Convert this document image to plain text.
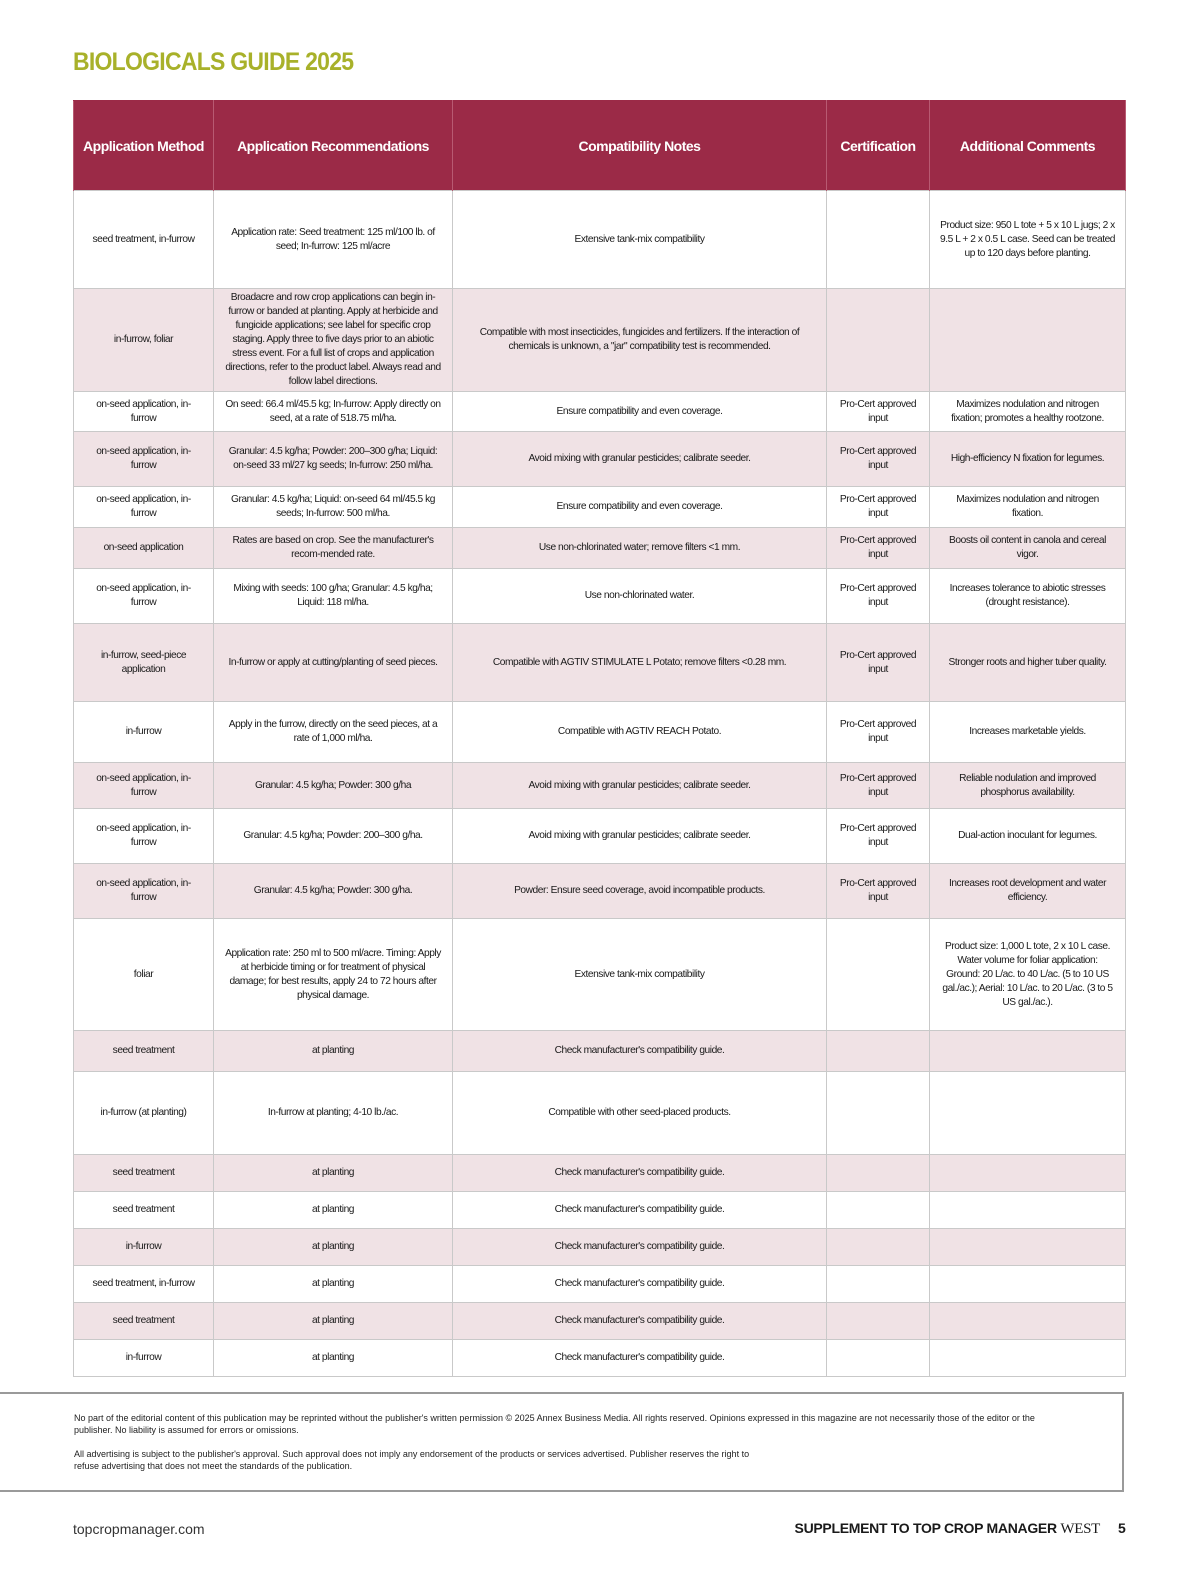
BIOLOGICALS GUIDE 2025
Application Method	Application Recommendations	Compatibility Notes	Certification	Additional Comments
seed treatment, in-furrow	Application rate: Seed treatment: 125 ml/100 lb. of seed; In-furrow: 125 ml/acre	Extensive tank-mix compatibility		Product size: 950 L tote + 5 x 10 L jugs; 2 x 9.5 L + 2 x 0.5 L case. Seed can be treated up to 120 days before planting.
in-furrow, foliar	Broadacre and row crop applications can begin in-furrow or banded at planting. Apply at herbicide and fungicide applications; see label for specific crop staging. Apply three to five days prior to an abiotic stress event. For a full list of crops and application directions, refer to the product label. Always read and follow label directions.	Compatible with most insecticides, fungicides and fertilizers. If the interaction of chemicals is unknown, a "jar" compatibility test is recommended.		
on-seed application, in-furrow	On seed: 66.4 ml/45.5 kg; In-furrow: Apply directly on seed, at a rate of 518.75 ml/ha.	Ensure compatibility and even coverage.	Pro-Cert approved input	Maximizes nodulation and nitrogen fixation; promotes a healthy rootzone.
on-seed application, in-furrow	Granular: 4.5 kg/ha; Powder: 200–300 g/ha; Liquid: on-seed 33 ml/27 kg seeds; In-furrow: 250 ml/ha.	Avoid mixing with granular pesticides; calibrate seeder.	Pro-Cert approved input	High-efficiency N fixation for legumes.
on-seed application, in-furrow	Granular: 4.5 kg/ha; Liquid: on-seed 64 ml/45.5 kg seeds; In-furrow: 500 ml/ha.	Ensure compatibility and even coverage.	Pro-Cert approved input	Maximizes nodulation and nitrogen fixation.
on-seed application	Rates are based on crop. See the manufacturer's recom-mended rate.	Use non-chlorinated water; remove filters <1 mm.	Pro-Cert approved input	Boosts oil content in canola and cereal vigor.
on-seed application, in-furrow	Mixing with seeds: 100 g/ha; Granular: 4.5 kg/ha; Liquid: 118 ml/ha.	Use non-chlorinated water.	Pro-Cert approved input	Increases tolerance to abiotic stresses (drought resistance).
in-furrow, seed-piece application	In-furrow or apply at cutting/planting of seed pieces.	Compatible with AGTIV STIMULATE L Potato; remove filters <0.28 mm.	Pro-Cert approved input	Stronger roots and higher tuber quality.
in-furrow	Apply in the furrow, directly on the seed pieces, at a rate of 1,000 ml/ha.	Compatible with AGTIV REACH Potato.	Pro-Cert approved input	Increases marketable yields.
on-seed application, in-furrow	Granular: 4.5 kg/ha; Powder: 300 g/ha	Avoid mixing with granular pesticides; calibrate seeder.	Pro-Cert approved input	Reliable nodulation and improved phosphorus availability.
on-seed application, in-furrow	Granular: 4.5 kg/ha; Powder: 200–300 g/ha.	Avoid mixing with granular pesticides; calibrate seeder.	Pro-Cert approved input	Dual-action inoculant for legumes.
on-seed application, in-furrow	Granular: 4.5 kg/ha; Powder: 300 g/ha.	Powder: Ensure seed coverage, avoid incompatible products.	Pro-Cert approved input	Increases root development and water efficiency.
foliar	Application rate: 250 ml to 500 ml/acre. Timing: Apply at herbicide timing or for treatment of physical damage; for best results, apply 24 to 72 hours after physical damage.	Extensive tank-mix compatibility		Product size: 1,000 L tote, 2 x 10 L case. Water volume for foliar application: Ground: 20 L/ac. to 40 L/ac. (5 to 10 US gal./ac.); Aerial: 10 L/ac. to 20 L/ac. (3 to 5 US gal./ac.).
seed treatment	at planting	Check manufacturer's compatibility guide.		
in-furrow (at planting)	In-furrow at planting; 4-10 lb./ac.	Compatible with other seed-placed products.		
seed treatment	at planting	Check manufacturer's compatibility guide.		
seed treatment	at planting	Check manufacturer's compatibility guide.		
in-furrow	at planting	Check manufacturer's compatibility guide.		
seed treatment, in-furrow	at planting	Check manufacturer's compatibility guide.		
seed treatment	at planting	Check manufacturer's compatibility guide.		
in-furrow	at planting	Check manufacturer's compatibility guide.		

No part of the editorial content of this publication may be reprinted without the publisher's written permission © 2025 Annex Business Media. All rights reserved. Opinions expressed in this magazine are not necessarily those of the editor or the publisher. No liability is assumed for errors or omissions.

All advertising is subject to the publisher's approval. Such approval does not imply any endorsement of the products or services advertised. Publisher reserves the right to refuse advertising that does not meet the standards of the publication.

topcropmanager.com	SUPPLEMENT TO TOP CROP MANAGER WEST 5
